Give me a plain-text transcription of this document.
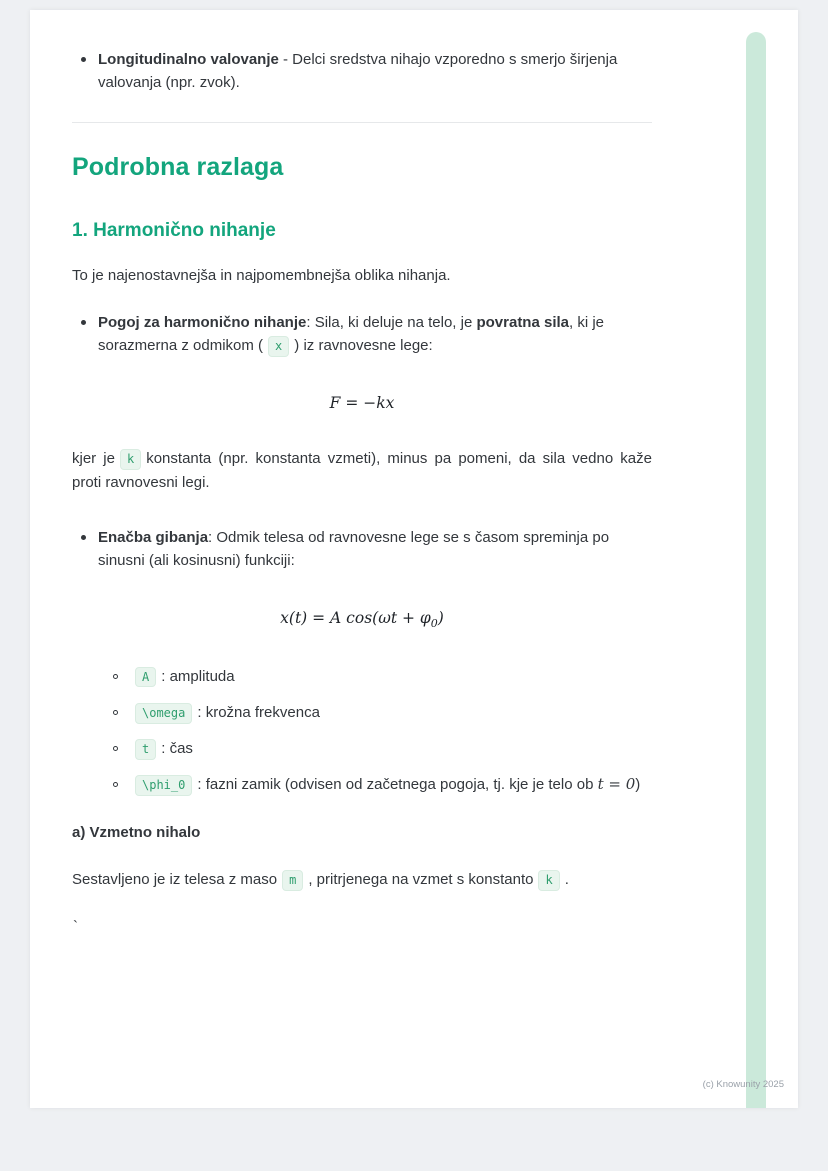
Longitudinalno valovanje - Delci sredstva nihajo vzporedno s smerjo širjenja valovanja (npr. zvok).

Podrobna razlaga
1. Harmonično nihanje

To je najenostavnejša in najpomembnejša oblika nihanja.

Pogoj za harmonično nihanje: Sila, ki deluje na telo, je povratna sila, ki je sorazmerna z odmikom ( x ) iz ravnovesne lege:

F = −kx

kjer je k konstanta (npr. konstanta vzmeti), minus pa pomeni, da sila vedno kaže proti ravnovesni legi.

Enačba gibanja: Odmik telesa od ravnovesne lege se s časom spreminja po sinusni (ali kosinusni) funkciji:

x(t) = A $\cos(\omega t + \varphi_0)$

A : amplituda

\omega : krožna frekvenca

t : čas

\phi_0 : fazni zamik (odvisen od začetnega pogoja, tj. kje je telo ob t = 0)

a) Vzmetno nihalo

Sestavljeno je iz telesa z maso m , pritrjenega na vzmet s konstanto k .

`

(c) Knowunity 2025
